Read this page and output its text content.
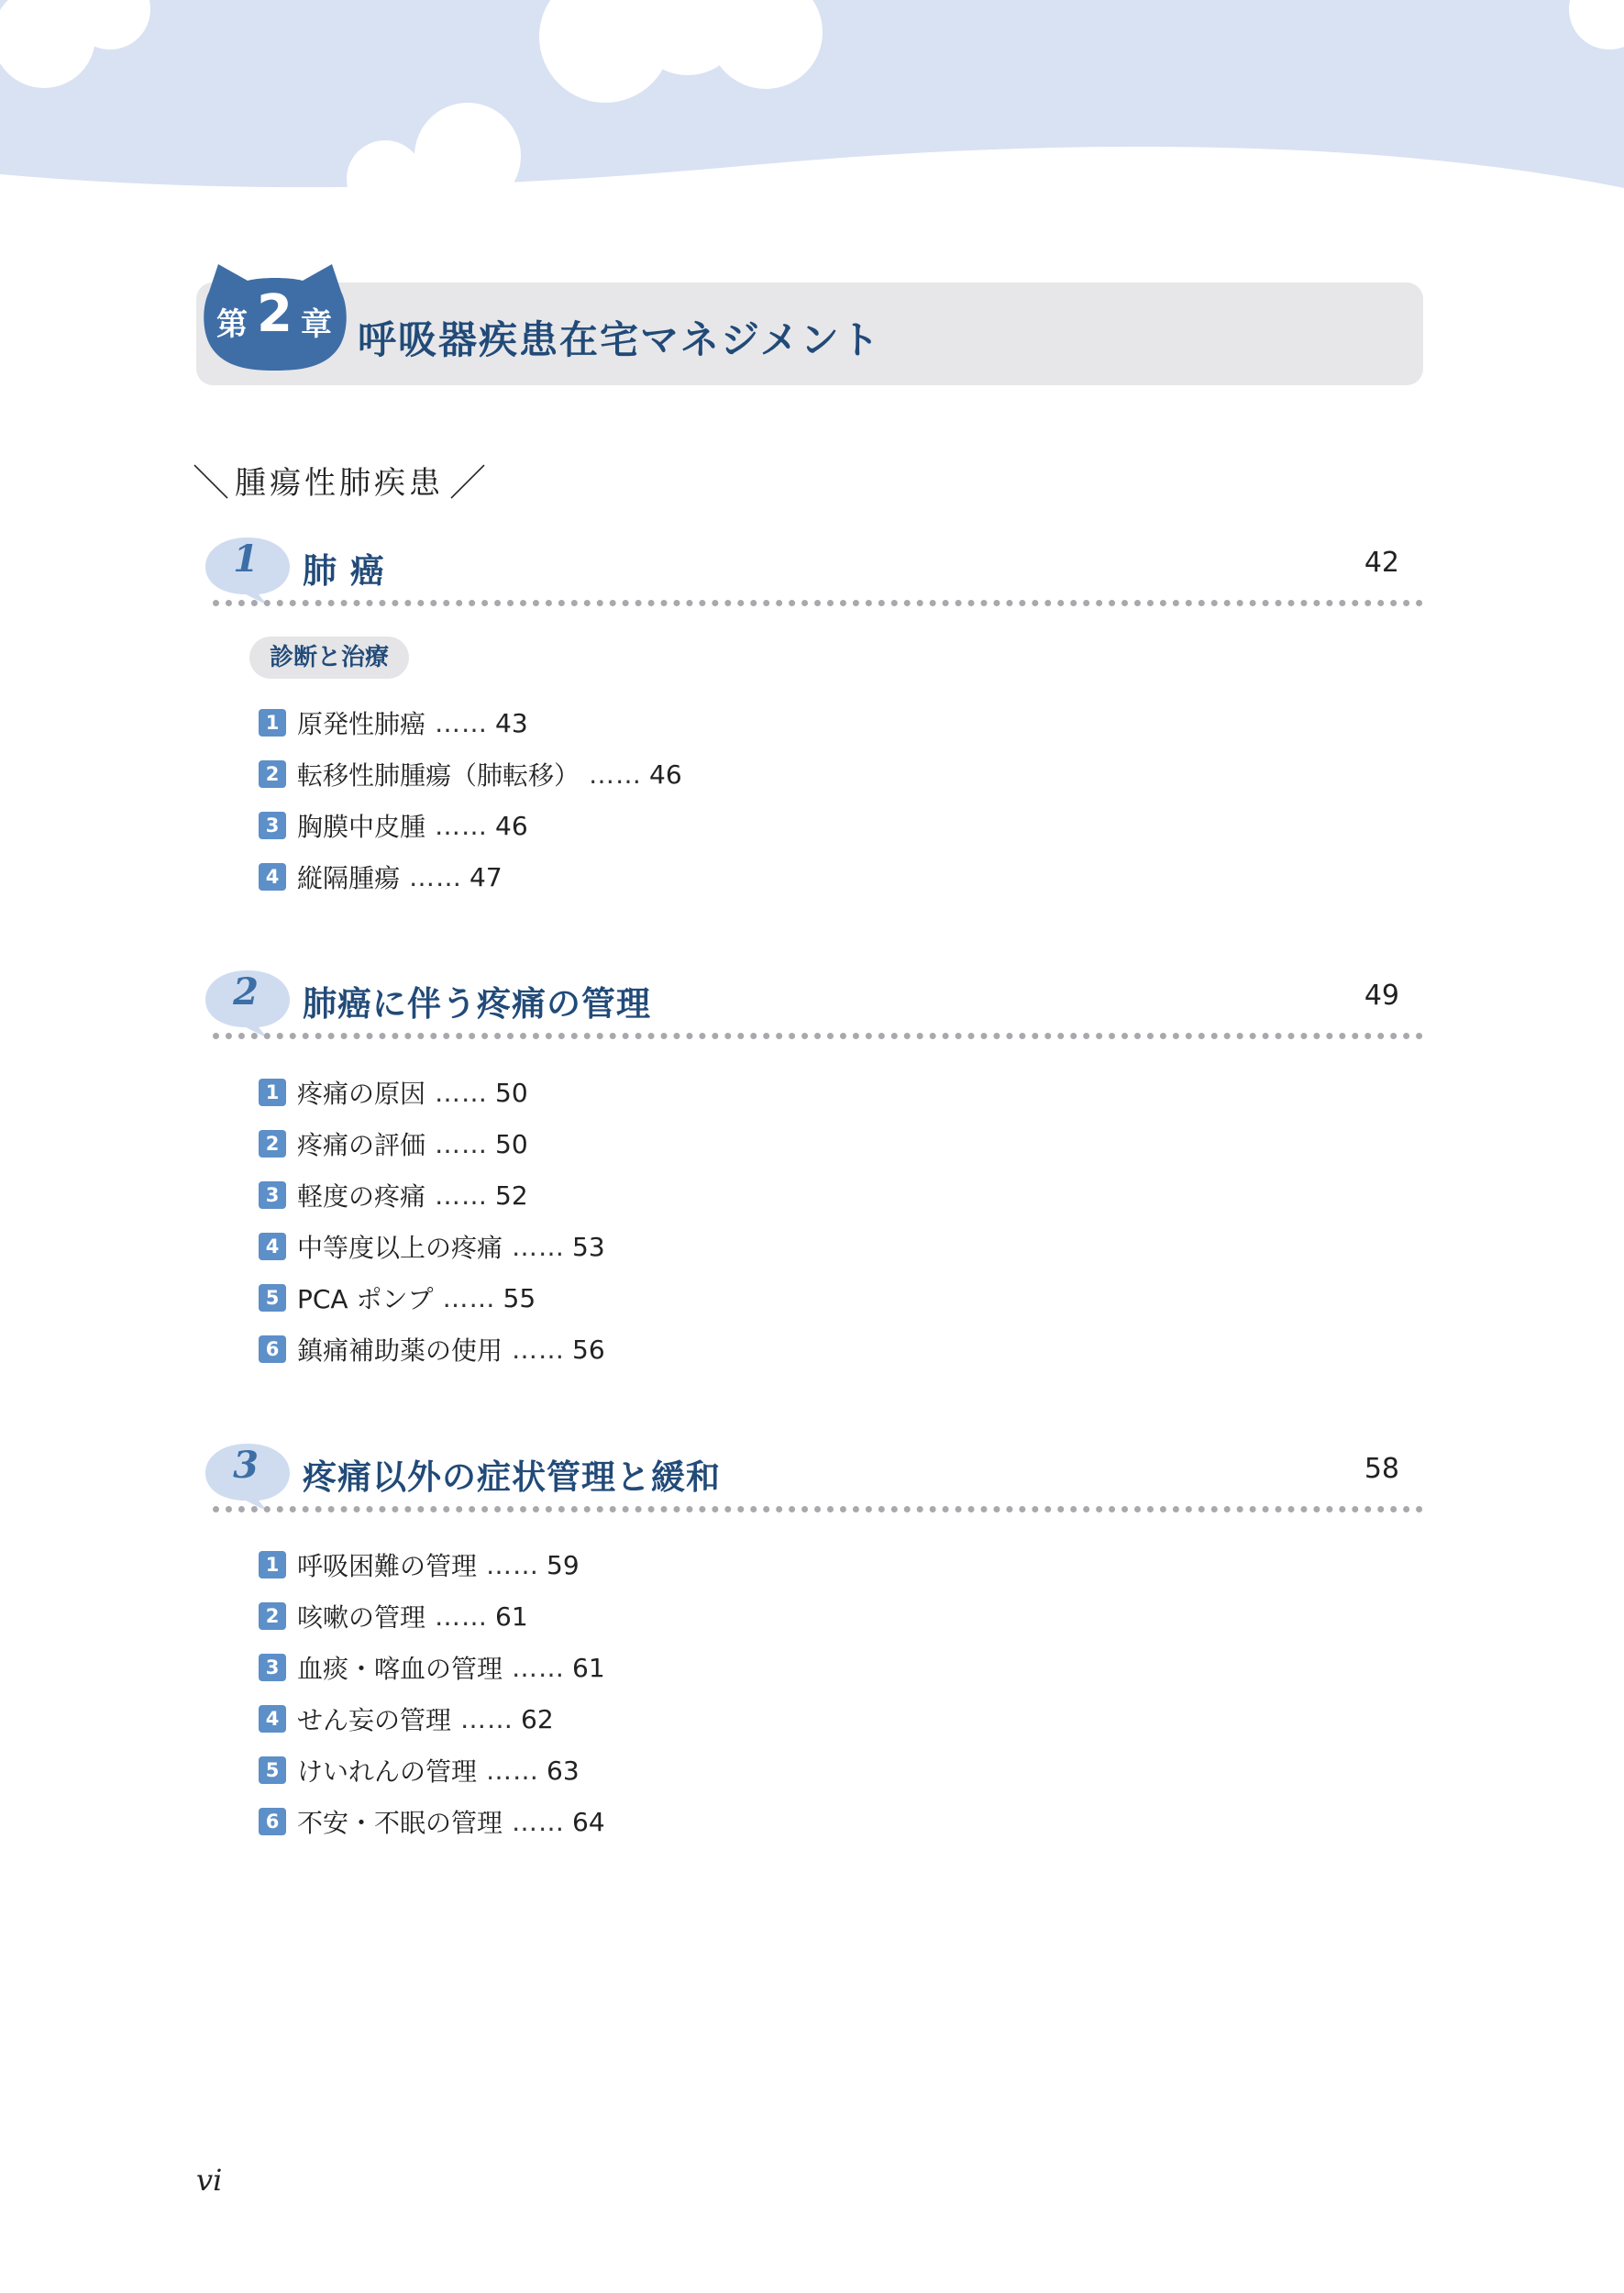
第 2 章 呼吸器疾患在宅マネジメント
＼ 腫瘍性肺疾患 ／
1 肺 癌	42
診断と治療
1 原発性肺癌 …… 43
2 転移性肺腫瘍（肺転移） …… 46
3 胸膜中皮腫 …… 46
4 縦隔腫瘍 …… 47
2 肺癌に伴う疼痛の管理	49
1 疼痛の原因 …… 50
2 疼痛の評価 …… 50
3 軽度の疼痛 …… 52
4 中等度以上の疼痛 …… 53
5 PCA ポンプ …… 55
6 鎮痛補助薬の使用 …… 56
3 疼痛以外の症状管理と緩和	58
1 呼吸困難の管理 …… 59
2 咳嗽の管理 …… 61
3 血痰・喀血の管理 …… 61
4 せん妄の管理 …… 62
5 けいれんの管理 …… 63
6 不安・不眠の管理 …… 64
vi
